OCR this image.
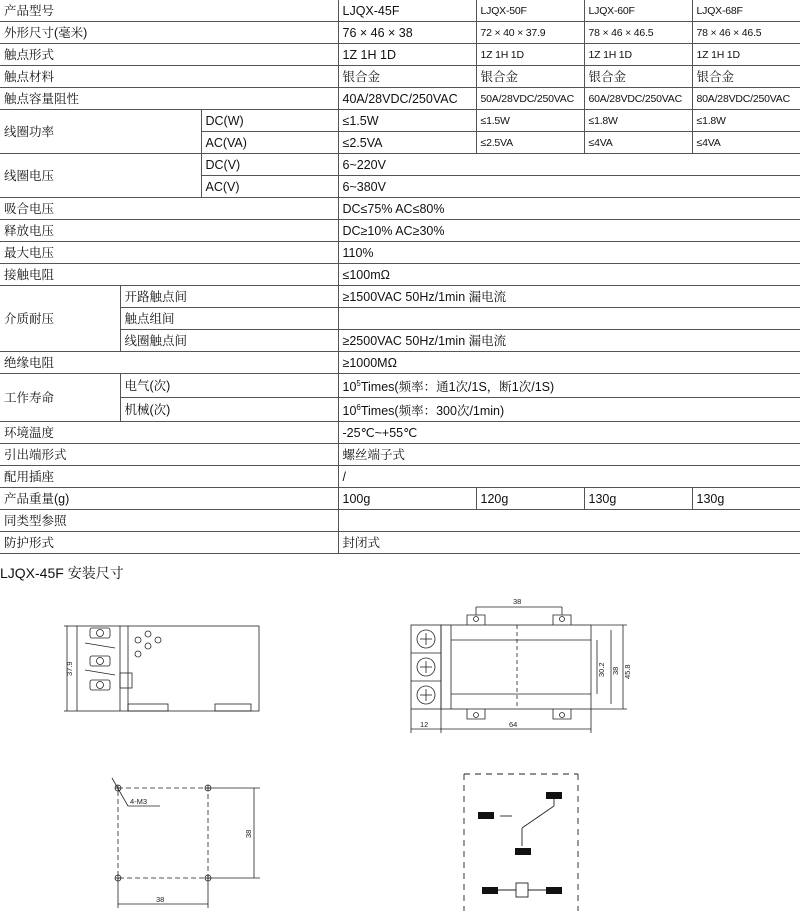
产品型号			LJQX-45F	LJQX-50F	LJQX-60F	LJQX-68F
外形尺寸(毫米)			76 × 46 × 38	72 × 40 × 37.9	78 × 46 × 46.5	78 × 46 × 46.5
触点形式			1Z 1H 1D	1Z 1H 1D	1Z 1H 1D	1Z 1H 1D
触点材料			银合金	银合金	银合金	银合金
触点容量阻性			40A/28VDC/250VAC	50A/28VDC/250VAC	60A/28VDC/250VAC	80A/28VDC/250VAC
线圈功率		DC(W)	≤1.5W	≤1.5W	≤1.8W	≤1.8W
		AC(VA)	≤2.5VA	≤2.5VA	≤4VA	≤4VA
线圈电压		DC(V)	6~220V			
		AC(V)	6~380V			
吸合电压			DC≤75% AC≤80%			
释放电压			DC≥10% AC≥30%			
最大电压			110%			
接触电阻			≤100mΩ			
介质耐压	开路触点间		≥1500VAC 50Hz/1min 漏电流			
	触点组间					
	线圈触点间		≥2500VAC 50Hz/1min 漏电流			
绝缘电阻			≥1000MΩ			
工作寿命	电气(次)		$10^5Times$(频率：通1次/1S，断1次/1S)			
	机械(次)		$10^6Times$(频率：300次/1min)			
环境温度			-25℃~+55℃			
引出端形式			螺丝端子式			
配用插座			/			
产品重量(g)			100g	120g	130g	130g
同类型参照						
防护形式			封闭式			
LJQX-45F 安装尺寸
37.9
38
30.2 38 45.8
12	64
4-M3
38
38
